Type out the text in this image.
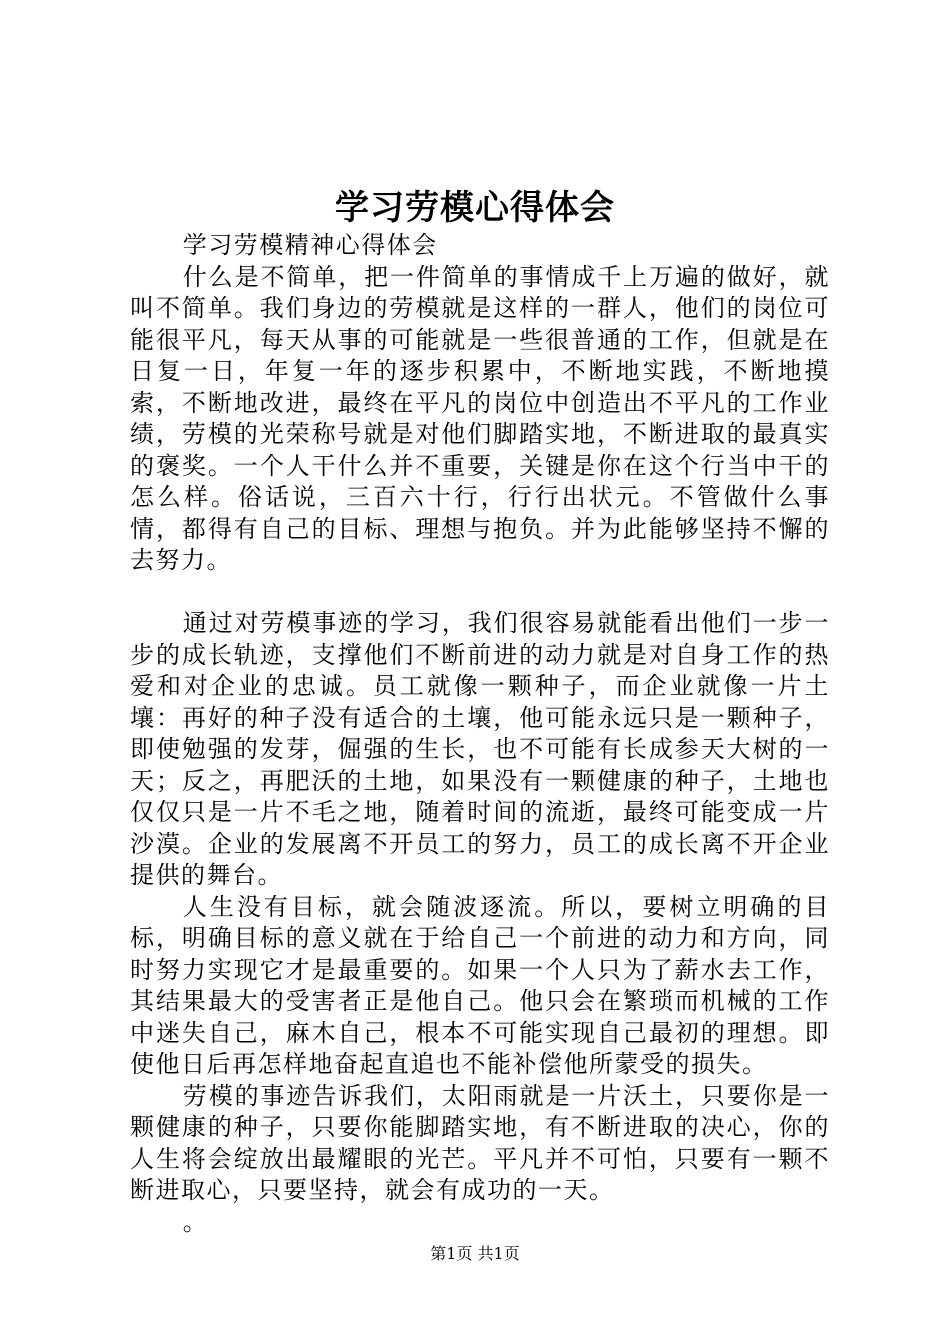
学习劳模心得体会

学习劳模精神心得体会

什么是不简单，把一件简单的事情成千上万遍的做好，就叫不简单。我们身边的劳模就是这样的一群人，他们的岗位可能很平凡，每天从事的可能就是一些很普通的工作，但就是在日复一日，年复一年的逐步积累中，不断地实践，不断地摸索，不断地改进，最终在平凡的岗位中创造出不平凡的工作业绩，劳模的光荣称号就是对他们脚踏实地，不断进取的最真实的褒奖。一个人干什么并不重要，关键是你在这个行当中干的怎么样。俗话说，三百六十行，行行出状元。不管做什么事情，都得有自己的目标、理想与抱负。并为此能够坚持不懈的去努力。

通过对劳模事迹的学习，我们很容易就能看出他们一步一步的成长轨迹，支撑他们不断前进的动力就是对自身工作的热爱和对企业的忠诚。员工就像一颗种子，而企业就像一片土壤：再好的种子没有适合的土壤，他可能永远只是一颗种子，即使勉强的发芽，倔强的生长，也不可能有长成参天大树的一天；反之，再肥沃的土地，如果没有一颗健康的种子，土地也仅仅只是一片不毛之地，随着时间的流逝，最终可能变成一片沙漠。企业的发展离不开员工的努力，员工的成长离不开企业提供的舞台。

人生没有目标，就会随波逐流。所以，要树立明确的目标，明确目标的意义就在于给自己一个前进的动力和方向，同时努力实现它才是最重要的。如果一个人只为了薪水去工作，其结果最大的受害者正是他自己。他只会在繁琐而机械的工作中迷失自己，麻木自己，根本不可能实现自己最初的理想。即使他日后再怎样地奋起直追也不能补偿他所蒙受的损失。

劳模的事迹告诉我们，太阳雨就是一片沃土，只要你是一颗健康的种子，只要你能脚踏实地，有不断进取的决心，你的人生将会绽放出最耀眼的光芒。平凡并不可怕，只要有一颗不断进取心，只要坚持，就会有成功的一天。

。

第1页 共1页
